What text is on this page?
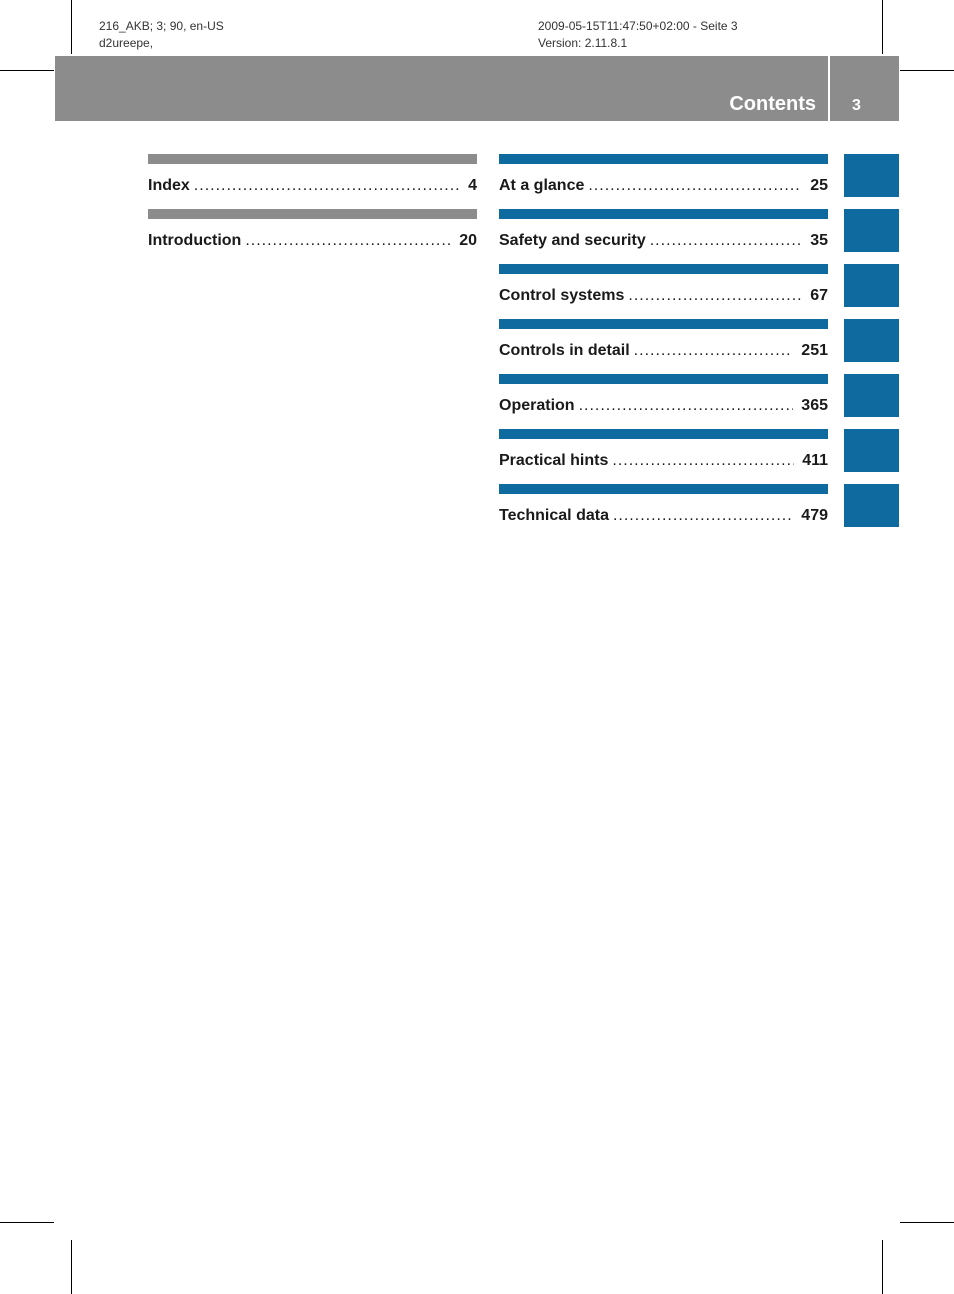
216_AKB; 3; 90, en-US
d2ureepe,
2009-05-15T11:47:50+02:00 - Seite 3
Version: 2.11.8.1
Contents 3
Index .....	4
Introduction .....	20
At a glance .....	25
Safety and security .....	35
Control systems .....	67
Controls in detail .....	251
Operation .....	365
Practical hints .....	411
Technical data .....	479
